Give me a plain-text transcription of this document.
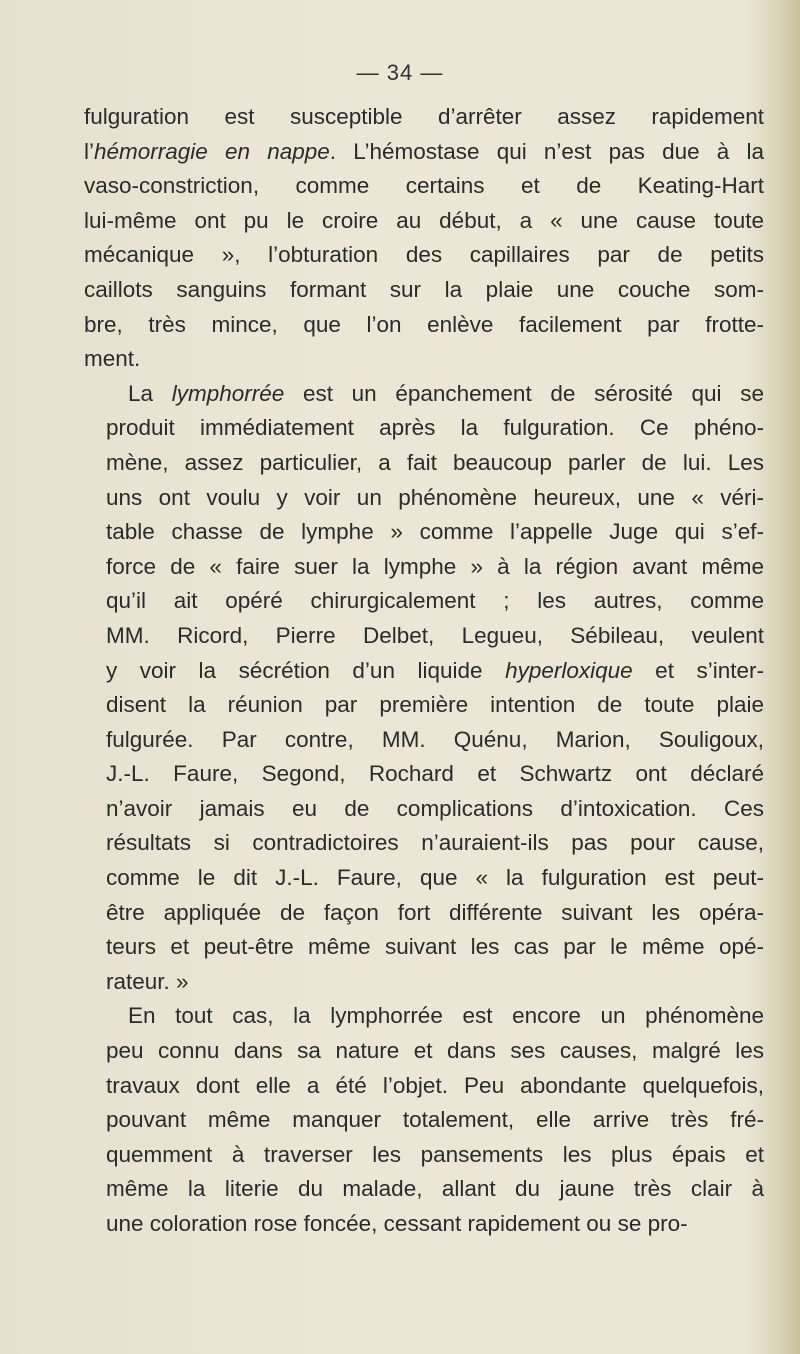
— 34 —

fulguration est susceptible d’arrêter assez rapidement
l’hémorragie en nappe. L’hémostase qui n’est pas due à la
vaso-constriction, comme certains et de Keating-Hart
lui-même ont pu le croire au début, a « une cause toute
mécanique », l’obturation des capillaires par de petits
caillots sanguins formant sur la plaie une couche som-
bre, très mince, que l’on enlève facilement par frotte-
ment.

La lymphorrée est un épanchement de sérosité qui se
produit immédiatement après la fulguration. Ce phéno-
mène, assez particulier, a fait beaucoup parler de lui. Les
uns ont voulu y voir un phénomène heureux, une « véri-
table chasse de lymphe » comme l’appelle Juge qui s’ef-
force de « faire suer la lymphe » à la région avant même
qu’il ait opéré chirurgicalement ; les autres, comme
MM. Ricord, Pierre Delbet, Legueu, Sébileau, veulent
y voir la sécrétion d’un liquide hyperloxique et s’inter-
disent la réunion par première intention de toute plaie
fulgurée. Par contre, MM. Quénu, Marion, Souligoux,
J.-L. Faure, Segond, Rochard et Schwartz ont déclaré
n’avoir jamais eu de complications d’intoxication. Ces
résultats si contradictoires n’auraient-ils pas pour cause,
comme le dit J.-L. Faure, que « la fulguration est peut-
être appliquée de façon fort différente suivant les opéra-
teurs et peut-être même suivant les cas par le même opé-
rateur. »

En tout cas, la lymphorrée est encore un phénomène
peu connu dans sa nature et dans ses causes, malgré les
travaux dont elle a été l’objet. Peu abondante quelquefois,
pouvant même manquer totalement, elle arrive très fré-
quemment à traverser les pansements les plus épais et
même la literie du malade, allant du jaune très clair à
une coloration rose foncée, cessant rapidement ou se pro-
